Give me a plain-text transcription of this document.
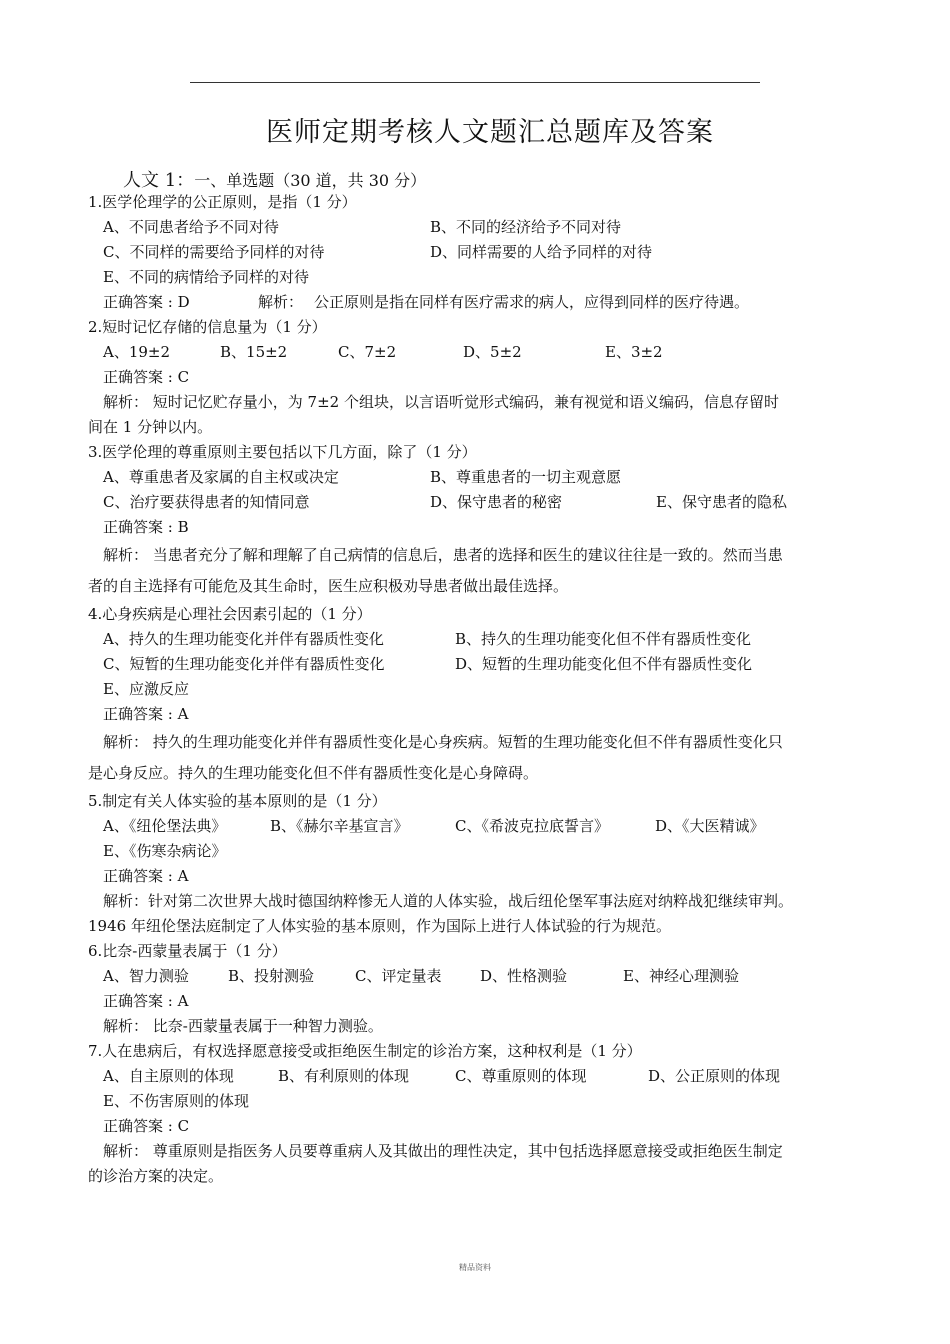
医师定期考核人文题汇总题库及答案
人文 1：一、单选题（30 道，共 30 分）
1.医学伦理学的公正原则，是指（1 分）
A、不同患者给予不同对待	B、不同的经济给予不同对待
C、不同样的需要给予同样的对待	D、同样需要的人给予同样的对待
E、不同的病情给予同样的对待
正确答案 : D	解析： 公正原则是指在同样有医疗需求的病人，应得到同样的医疗待遇。
2.短时记忆存储的信息量为（1 分）
A、19±2	B、15±2	C、7±2	D、5±2	E、3±2
正确答案 : C
解析： 短时记忆贮存量小，为 7±2 个组块，以言语听觉形式编码，兼有视觉和语义编码，信息存留时
间在 1 分钟以内。
3.医学伦理的尊重原则主要包括以下几方面，除了（1 分）
A、尊重患者及家属的自主权或决定	B、尊重患者的一切主观意愿
C、治疗要获得患者的知情同意	D、保守患者的秘密	E、保守患者的隐私
正确答案 : B
解析： 当患者充分了解和理解了自己病情的信息后，患者的选择和医生的建议往往是一致的。然而当患
者的自主选择有可能危及其生命时，医生应积极劝导患者做出最佳选择。
4.心身疾病是心理社会因素引起的（1 分）
A、持久的生理功能变化并伴有器质性变化	B、持久的生理功能变化但不伴有器质性变化
C、短暂的生理功能变化并伴有器质性变化	D、短暂的生理功能变化但不伴有器质性变化
E、应激反应
正确答案 : A
解析： 持久的生理功能变化并伴有器质性变化是心身疾病。短暂的生理功能变化但不伴有器质性变化只
是心身反应。持久的生理功能变化但不伴有器质性变化是心身障碍。
5.制定有关人体实验的基本原则的是（1 分）
A、《纽伦堡法典》	B、《赫尔辛基宣言》	C、《希波克拉底誓言》	D、《大医精诚》
E、《伤寒杂病论》
正确答案 : A
解析：针对第二次世界大战时德国纳粹惨无人道的人体实验，战后纽伦堡军事法庭对纳粹战犯继续审判。
1946 年纽伦堡法庭制定了人体实验的基本原则，作为国际上进行人体试验的行为规范。
6.比奈-西蒙量表属于（1 分）
A、智力测验	B、投射测验	C、评定量表	D、性格测验	E、神经心理测验
正确答案 : A
解析： 比奈-西蒙量表属于一种智力测验。
7.人在患病后，有权选择愿意接受或拒绝医生制定的诊治方案，这种权利是（1 分）
A、自主原则的体现	B、有利原则的体现	C、尊重原则的体现	D、公正原则的体现
E、不伤害原则的体现
正确答案 : C
解析： 尊重原则是指医务人员要尊重病人及其做出的理性决定，其中包括选择愿意接受或拒绝医生制定
的诊治方案的决定。
精品资料
